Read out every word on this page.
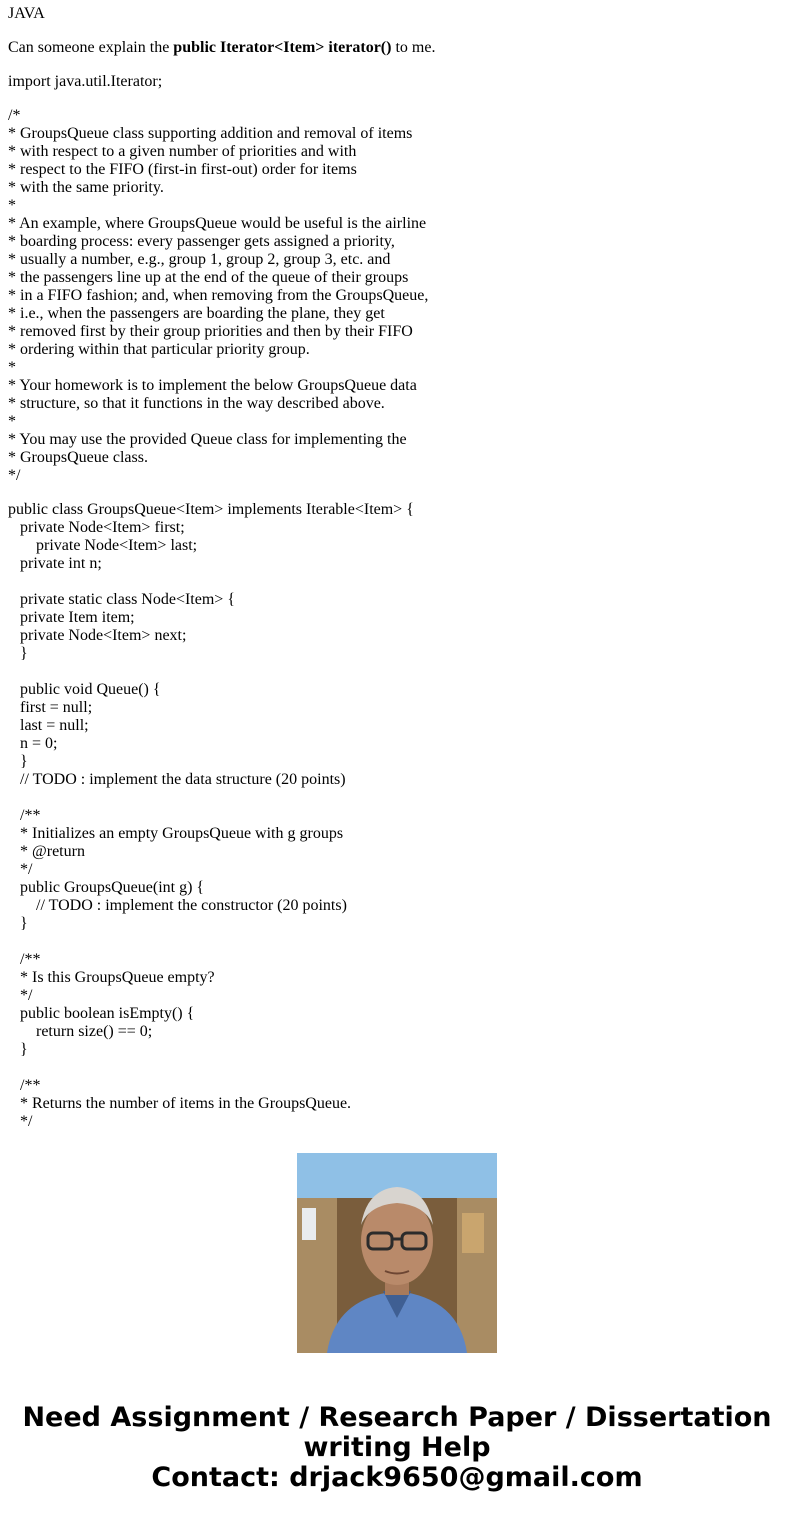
JAVA

Can someone explain the public Iterator<Item> iterator() to me.

import java.util.Iterator;

/*
* GroupsQueue class supporting addition and removal of items
* with respect to a given number of priorities and with
* respect to the FIFO (first-in first-out) order for items
* with the same priority.
*
* An example, where GroupsQueue would be useful is the airline
* boarding process: every passenger gets assigned a priority,
* usually a number, e.g., group 1, group 2, group 3, etc. and
* the passengers line up at the end of the queue of their groups
* in a FIFO fashion; and, when removing from the GroupsQueue,
* i.e., when the passengers are boarding the plane, they get
* removed first by their group priorities and then by their FIFO
* ordering within that particular priority group.
*
* Your homework is to implement the below GroupsQueue data
* structure, so that it functions in the way described above.
*
* You may use the provided Queue class for implementing the
* GroupsQueue class.
*/
public class GroupsQueue<Item> implements Iterable<Item> {
private Node<Item> first;
private Node<Item> last;
private int n;
private static class Node<Item> {
private Item item;
private Node<Item> next;
}
public void Queue() {
first = null;
last = null;
n = 0;
}
// TODO : implement the data structure (20 points)
/**
* Initializes an empty GroupsQueue with g groups
* @return
*/
public GroupsQueue(int g) {
// TODO : implement the constructor (20 points)
}
/**
* Is this GroupsQueue empty?
*/
public boolean isEmpty() {
return size() == 0;
}
/**
* Returns the number of items in the GroupsQueue.
*/
Need Assignment / Research Paper / Dissertation
writing Help
Contact: drjack9650@gmail.com
